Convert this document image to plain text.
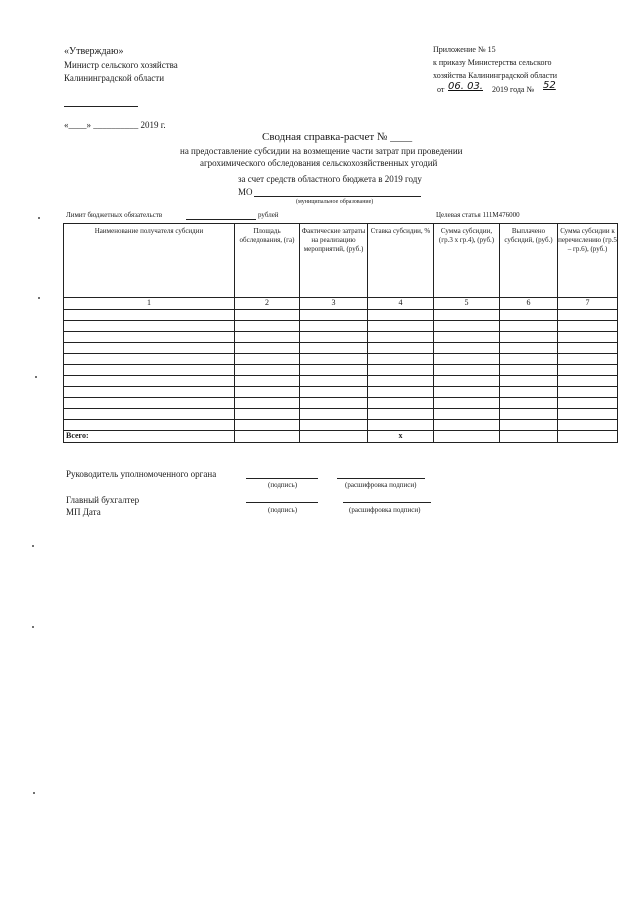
«Утверждаю»
Министр сельского хозяйства
Калининградской области
«____» __________ 2019 г.
Приложение № 15
к приказу Министерства сельского
хозяйства Калининградской области
от 06. 03. 2019 года № 52
Сводная справка-расчет № ____
на предоставление субсидии на возмещение части затрат при проведении
агрохимического обследования сельскохозяйственных угодий
за счет средств областного бюджета в 2019 году
МО
(муниципальное образование)
Лимит бюджетных обязательств	рублей	Целевая статья 111М476000
Наименование получателя субсидии	Площадь обследования, (га)	Фактические затраты на реализацию мероприятий, (руб.)	Ставка субсидии, %	Сумма субсидии, (гр.3 х гр.4), (руб.)	Выплачено субсидий, (руб.)	Сумма субсидии к перечислению (гр.5 – гр.6), (руб.)
1	2	3	4	5	6	7

Всего:			х			
Руководитель уполномоченного органа
(подпись)	(расшифровка подписи)
Главный бухгалтер
МП Дата	(подпись)	(расшифровка подписи)
